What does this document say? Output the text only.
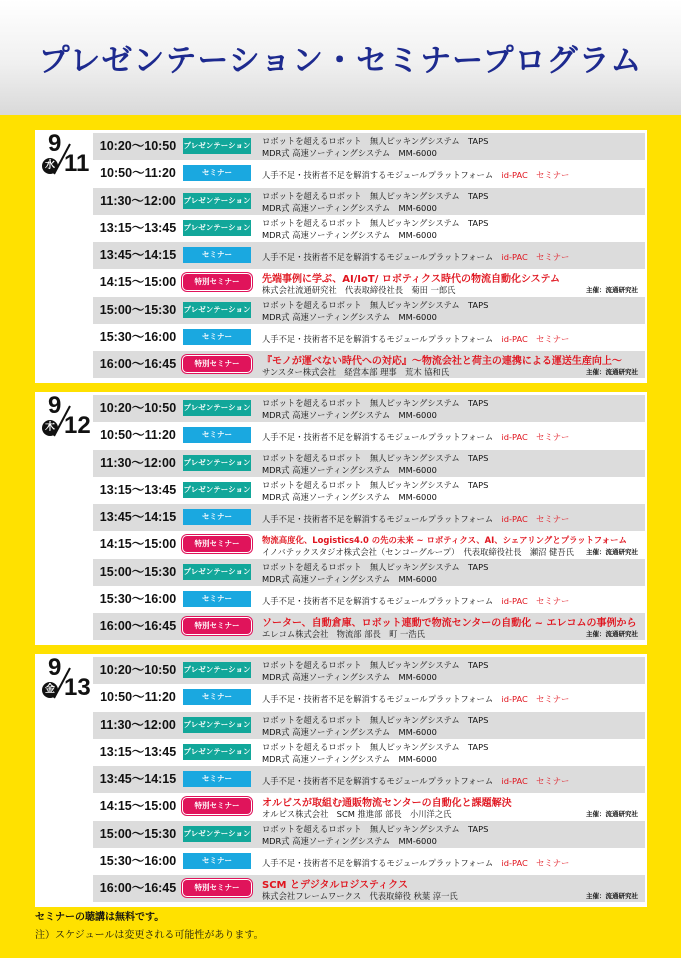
プレゼンテーション・セミナープログラム
9
水 11
10:20～10:50 プレゼンテーション ロボットを超えるロボット　無人ピッキングシステム　TAPS
MDR式 高速ソーティングシステム　MM-6000
10:50～11:20	セミナー	人手不足・技術者不足を解消するモジュールプラットフォーム　 id-PAC　セミナー
11:30～12:00	プレゼンテーション ロボットを超えるロボット　無人ピッキングシステム　TAPS
MDR式 高速ソーティングシステム　MM-6000
13:15～13:45 プレゼンテーション ロボットを超えるロボット　無人ピッキングシステム　TAPS
MDR式 高速ソーティングシステム　MM-6000
13:45～14:15	セミナー	人手不足・技術者不足を解消するモジュールプラットフォーム　 id-PAC　セミナー
14:15～15:00	特別セミナー	先端事例に学ぶ、AI/IoT/ ロボティクス時代の物流自動化システム
株式会社流通研究社　代表取締役社長　菊田 一郎氏	主催：流通研究社
15:00～15:30 プレゼンテーション ロボットを超えるロボット　無人ピッキングシステム　TAPS
MDR式 高速ソーティングシステム　MM-6000
15:30～16:00	セミナー	人手不足・技術者不足を解消するモジュールプラットフォーム　 id-PAC　セミナー
16:00～16:45	特別セミナー	『モノが運べない時代への対応』～物流会社と荷主の連携による運送生産向上～
サンスター株式会社　経営本部 理事　荒木 協和氏	主催：流通研究社
9
木 12
10:20～10:50 プレゼンテーション ロボットを超えるロボット　無人ピッキングシステム　TAPS
MDR式 高速ソーティングシステム　MM-6000
10:50～11:20	セミナー	人手不足・技術者不足を解消するモジュールプラットフォーム　 id-PAC　セミナー
11:30～12:00	プレゼンテーション ロボットを超えるロボット　無人ピッキングシステム　TAPS
MDR式 高速ソーティングシステム　MM-6000
13:15～13:45 プレゼンテーション ロボットを超えるロボット　無人ピッキングシステム　TAPS
MDR式 高速ソーティングシステム　MM-6000
13:45～14:15	セミナー	人手不足・技術者不足を解消するモジュールプラットフォーム　 id-PAC　セミナー
14:15～15:00	特別セミナー	物流高度化、Logistics4.0 の先の未来 ~ ロボティクス、AI、シェアリングとプラットフォーム
イノバテックスタジオ株式会社（センコーグループ）　代表取締役社長　瀬沼 健吾氏 主催：流通研究社
15:00～15:30 プレゼンテーション ロボットを超えるロボット　無人ピッキングシステム　TAPS
MDR式 高速ソーティングシステム　MM-6000
15:30～16:00	セミナー	人手不足・技術者不足を解消するモジュールプラットフォーム　 id-PAC　セミナー
16:00～16:45	特別セミナー	ソーター、自動倉庫、ロボット連動で物流センターの自動化 ~ エレコムの事例から
エレコム株式会社　物流部 部長　町 一浩氏	主催：流通研究社
9
金 13
10:20～10:50 プレゼンテーション ロボットを超えるロボット　無人ピッキングシステム　TAPS
MDR式 高速ソーティングシステム　MM-6000
10:50～11:20	セミナー	人手不足・技術者不足を解消するモジュールプラットフォーム　 id-PAC　セミナー
11:30～12:00	プレゼンテーション ロボットを超えるロボット　無人ピッキングシステム　TAPS
MDR式 高速ソーティングシステム　MM-6000
13:15～13:45 プレゼンテーション ロボットを超えるロボット　無人ピッキングシステム　TAPS
MDR式 高速ソーティングシステム　MM-6000
13:45～14:15	セミナー	人手不足・技術者不足を解消するモジュールプラットフォーム　 id-PAC　セミナー
14:15～15:00	特別セミナー	オルビスが取組む通販物流センターの自動化と課題解決
オルビス株式会社　SCM 推進部 部長　小川洋之氏	主催：流通研究社
15:00～15:30 プレゼンテーション ロボットを超えるロボット　無人ピッキングシステム　TAPS
MDR式 高速ソーティングシステム　MM-6000
15:30～16:00	セミナー	人手不足・技術者不足を解消するモジュールプラットフォーム　 id-PAC　セミナー
16:00～16:45	特別セミナー	SCM とデジタルロジスティクス
株式会社フレームワークス　代表取締役 秋葉 淳一氏	主催：流通研究社
セミナーの聴講は無料です。
注）スケジュールは変更される可能性があります。
